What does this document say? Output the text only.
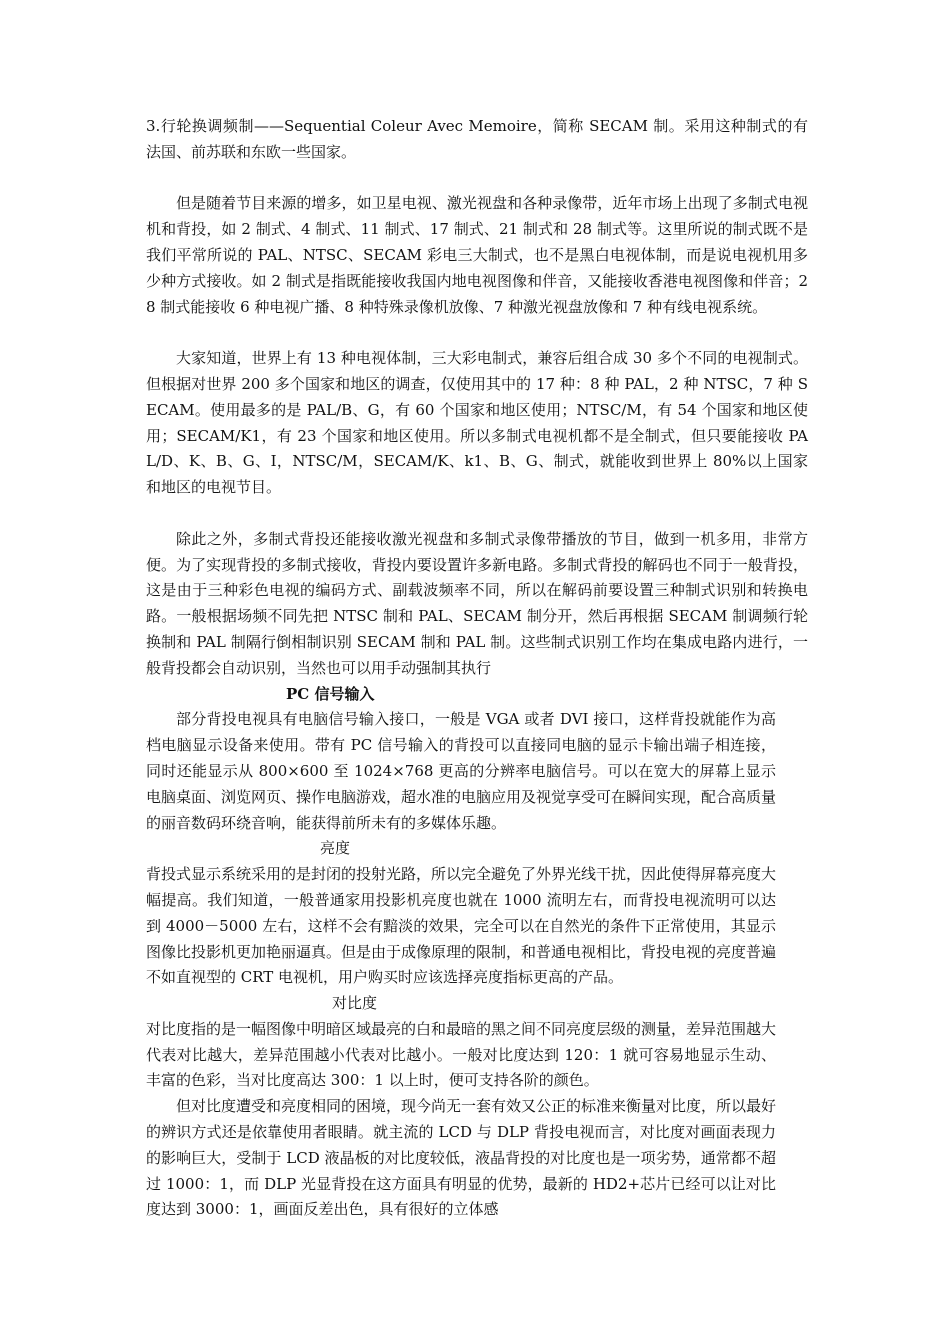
3.行轮换调频制——Sequential Coleur Avec Memoire，简称 SECAM 制。采用这种制式的有法国、前苏联和东欧一些国家。

但是随着节目来源的增多，如卫星电视、激光视盘和各种录像带，近年市场上出现了多制式电视机和背投，如 2 制式、4 制式、11 制式、17 制式、21 制式和 28 制式等。这里所说的制式既不是我们平常所说的 PAL、NTSC、SECAM 彩电三大制式，也不是黑白电视体制，而是说电视机用多少种方式接收。如 2 制式是指既能接收我国内地电视图像和伴音，又能接收香港电视图像和伴音；28 制式能接收 6 种电视广播、8 种特殊录像机放像、7 种激光视盘放像和 7 种有线电视系统。

大家知道，世界上有 13 种电视体制，三大彩电制式，兼容后组合成 30 多个不同的电视制式。但根据对世界 200 多个国家和地区的调查，仅使用其中的 17 种：8 种 PAL，2 种 NTSC，7 种 SECAM。使用最多的是 PAL/B、G，有 60 个国家和地区使用；NTSC/M，有 54 个国家和地区使用；SECAM/K1，有 23 个国家和地区使用。所以多制式电视机都不是全制式，但只要能接收 PAL/D、K、B、G、I，NTSC/M，SECAM/K、k1、B、G、制式，就能收到世界上 80%以上国家和地区的电视节目。

除此之外，多制式背投还能接收激光视盘和多制式录像带播放的节目，做到一机多用，非常方便。为了实现背投的多制式接收，背投内要设置许多新电路。多制式背投的解码也不同于一般背投，这是由于三种彩色电视的编码方式、副载波频率不同，所以在解码前要设置三种制式识别和转换电路。一般根据场频不同先把 NTSC 制和 PAL、SECAM 制分开，然后再根据 SECAM 制调频行轮换制和 PAL 制隔行倒相制识别 SECAM 制和 PAL 制。这些制式识别工作均在集成电路内进行，一般背投都会自动识别，当然也可以用手动强制其执行

PC 信号输入

部分背投电视具有电脑信号输入接口，一般是 VGA 或者 DVI 接口，这样背投就能作为高档电脑显示设备来使用。带有 PC 信号输入的背投可以直接同电脑的显示卡输出端子相连接，同时还能显示从 800×600 至 1024×768 更高的分辨率电脑信号。可以在宽大的屏幕上显示电脑桌面、浏览网页、操作电脑游戏，超水准的电脑应用及视觉享受可在瞬间实现，配合高质量的丽音数码环绕音响，能获得前所未有的多媒体乐趣。

亮度

背投式显示系统采用的是封闭的投射光路，所以完全避免了外界光线干扰，因此使得屏幕亮度大幅提高。我们知道，一般普通家用投影机亮度也就在 1000 流明左右，而背投电视流明可以达到 4000－5000 左右，这样不会有黯淡的效果，完全可以在自然光的条件下正常使用，其显示图像比投影机更加艳丽逼真。但是由于成像原理的限制，和普通电视相比，背投电视的亮度普遍不如直视型的 CRT 电视机，用户购买时应该选择亮度指标更高的产品。

对比度

对比度指的是一幅图像中明暗区域最亮的白和最暗的黑之间不同亮度层级的测量，差异范围越大代表对比越大，差异范围越小代表对比越小。一般对比度达到 120：1 就可容易地显示生动、丰富的色彩，当对比度高达 300：1 以上时，便可支持各阶的颜色。

但对比度遭受和亮度相同的困境，现今尚无一套有效又公正的标准来衡量对比度，所以最好的辨识方式还是依靠使用者眼睛。就主流的 LCD 与 DLP 背投电视而言，对比度对画面表现力的影响巨大，受制于 LCD 液晶板的对比度较低，液晶背投的对比度也是一项劣势，通常都不超过 1000：1，而 DLP 光显背投在这方面具有明显的优势，最新的 HD2+芯片已经可以让对比度达到 3000：1，画面反差出色，具有很好的立体感
